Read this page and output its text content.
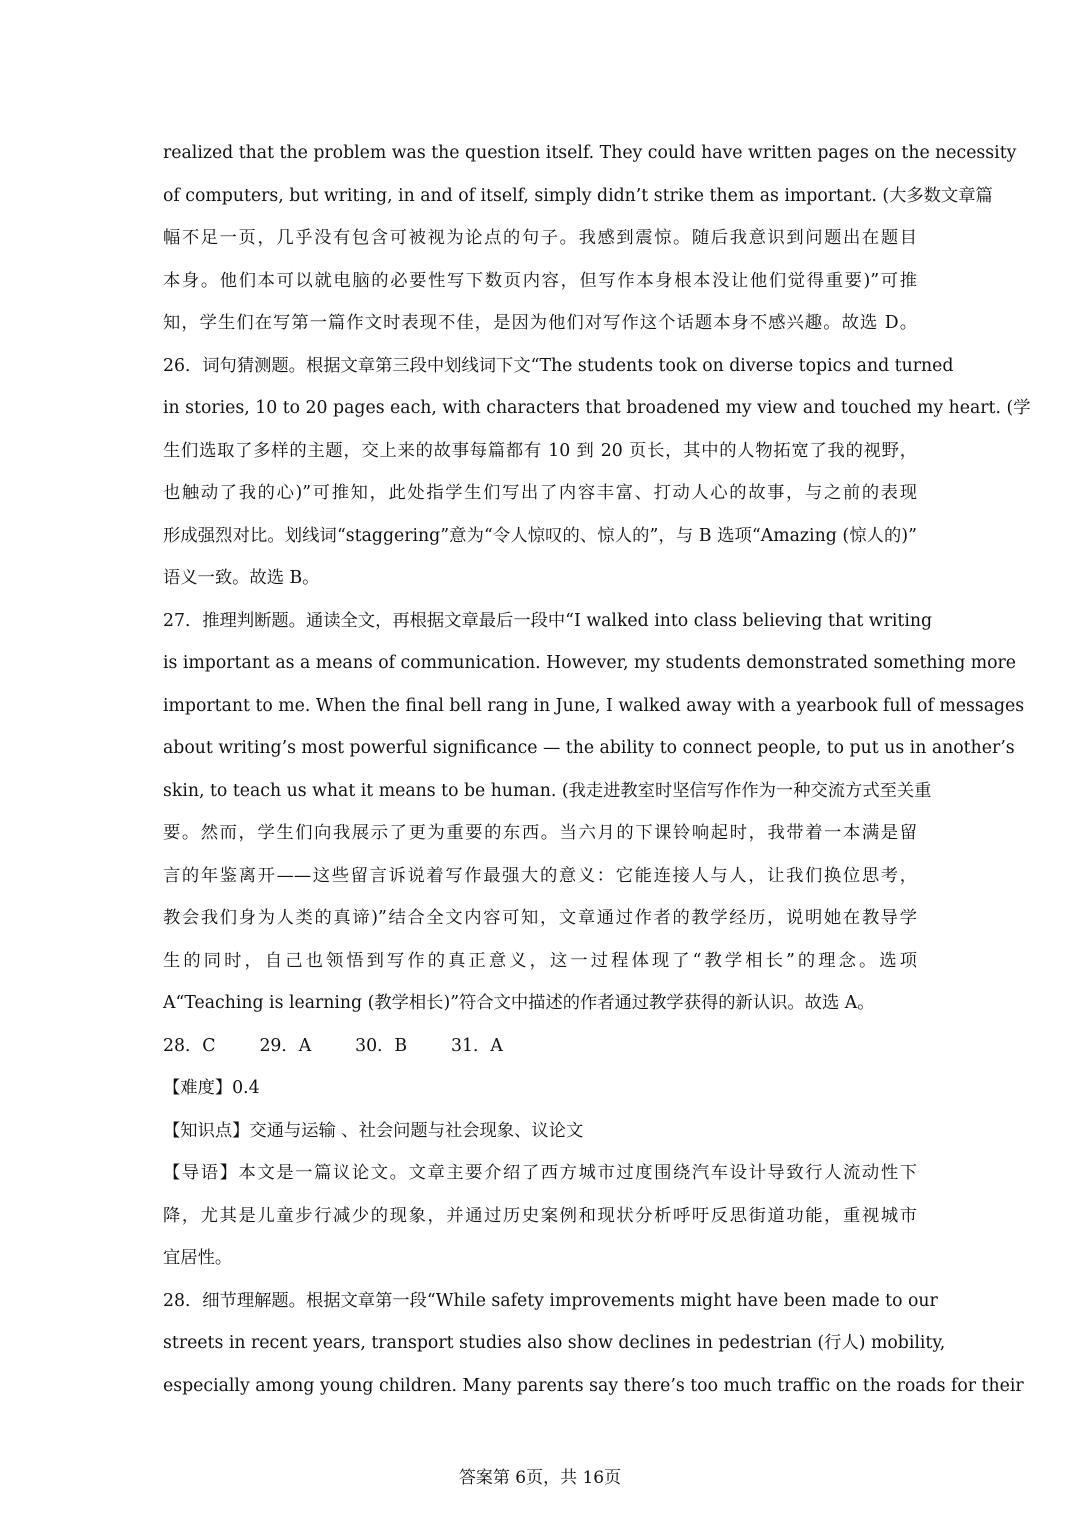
realized that the problem was the question itself. They could have written pages on the necessity
of computers, but writing, in and of itself, simply didn’t strike them as important. (大多数文章篇
幅不足一页，几乎没有包含可被视为论点的句子。我感到震惊。随后我意识到问题出在题目
本身。他们本可以就电脑的必要性写下数页内容，但写作本身根本没让他们觉得重要)”可推
知，学生们在写第一篇作文时表现不佳，是因为他们对写作这个话题本身不感兴趣。故选 D。
26．词句猜测题。根据文章第三段中划线词下文“The students took on diverse topics and turned
in stories, 10 to 20 pages each, with characters that broadened my view and touched my heart. (学
生们选取了多样的主题，交上来的故事每篇都有 10 到 20 页长，其中的人物拓宽了我的视野，
也触动了我的心)”可推知，此处指学生们写出了内容丰富、打动人心的故事，与之前的表现
形成强烈对比。划线词“staggering”意为“令人惊叹的、惊人的”，与 B 选项“Amazing (惊人的)”
语义一致。故选 B。
27．推理判断题。通读全文，再根据文章最后一段中“I walked into class believing that writing
is important as a means of communication. However, my students demonstrated something more
important to me. When the final bell rang in June, I walked away with a yearbook full of messages
about writing’s most powerful significance — the ability to connect people, to put us in another’s
skin, to teach us what it means to be human. (我走进教室时坚信写作作为一种交流方式至关重
要。然而，学生们向我展示了更为重要的东西。当六月的下课铃响起时，我带着一本满是留
言的年鉴离开——这些留言诉说着写作最强大的意义：它能连接人与人，让我们换位思考，
教会我们身为人类的真谛)”结合全文内容可知，文章通过作者的教学经历，说明她在教导学
生的同时，自己也领悟到写作的真正意义，这一过程体现了“教学相长”的理念。选项
A“Teaching is learning (教学相长)”符合文中描述的作者通过教学获得的新认识。故选 A。
28．C        29．A        30．B        31．A
【难度】0.4
【知识点】交通与运输 、社会问题与社会现象、议论文
【导语】本文是一篇议论文。文章主要介绍了西方城市过度围绕汽车设计导致行人流动性下
降，尤其是儿童步行减少的现象，并通过历史案例和现状分析呼吁反思街道功能，重视城市
宜居性。
28．细节理解题。根据文章第一段“While safety improvements might have been made to our
streets in recent years, transport studies also show declines in pedestrian (行人) mobility,
especially among young children. Many parents say there’s too much traffic on the roads for their
答案第 6页，共 16页
